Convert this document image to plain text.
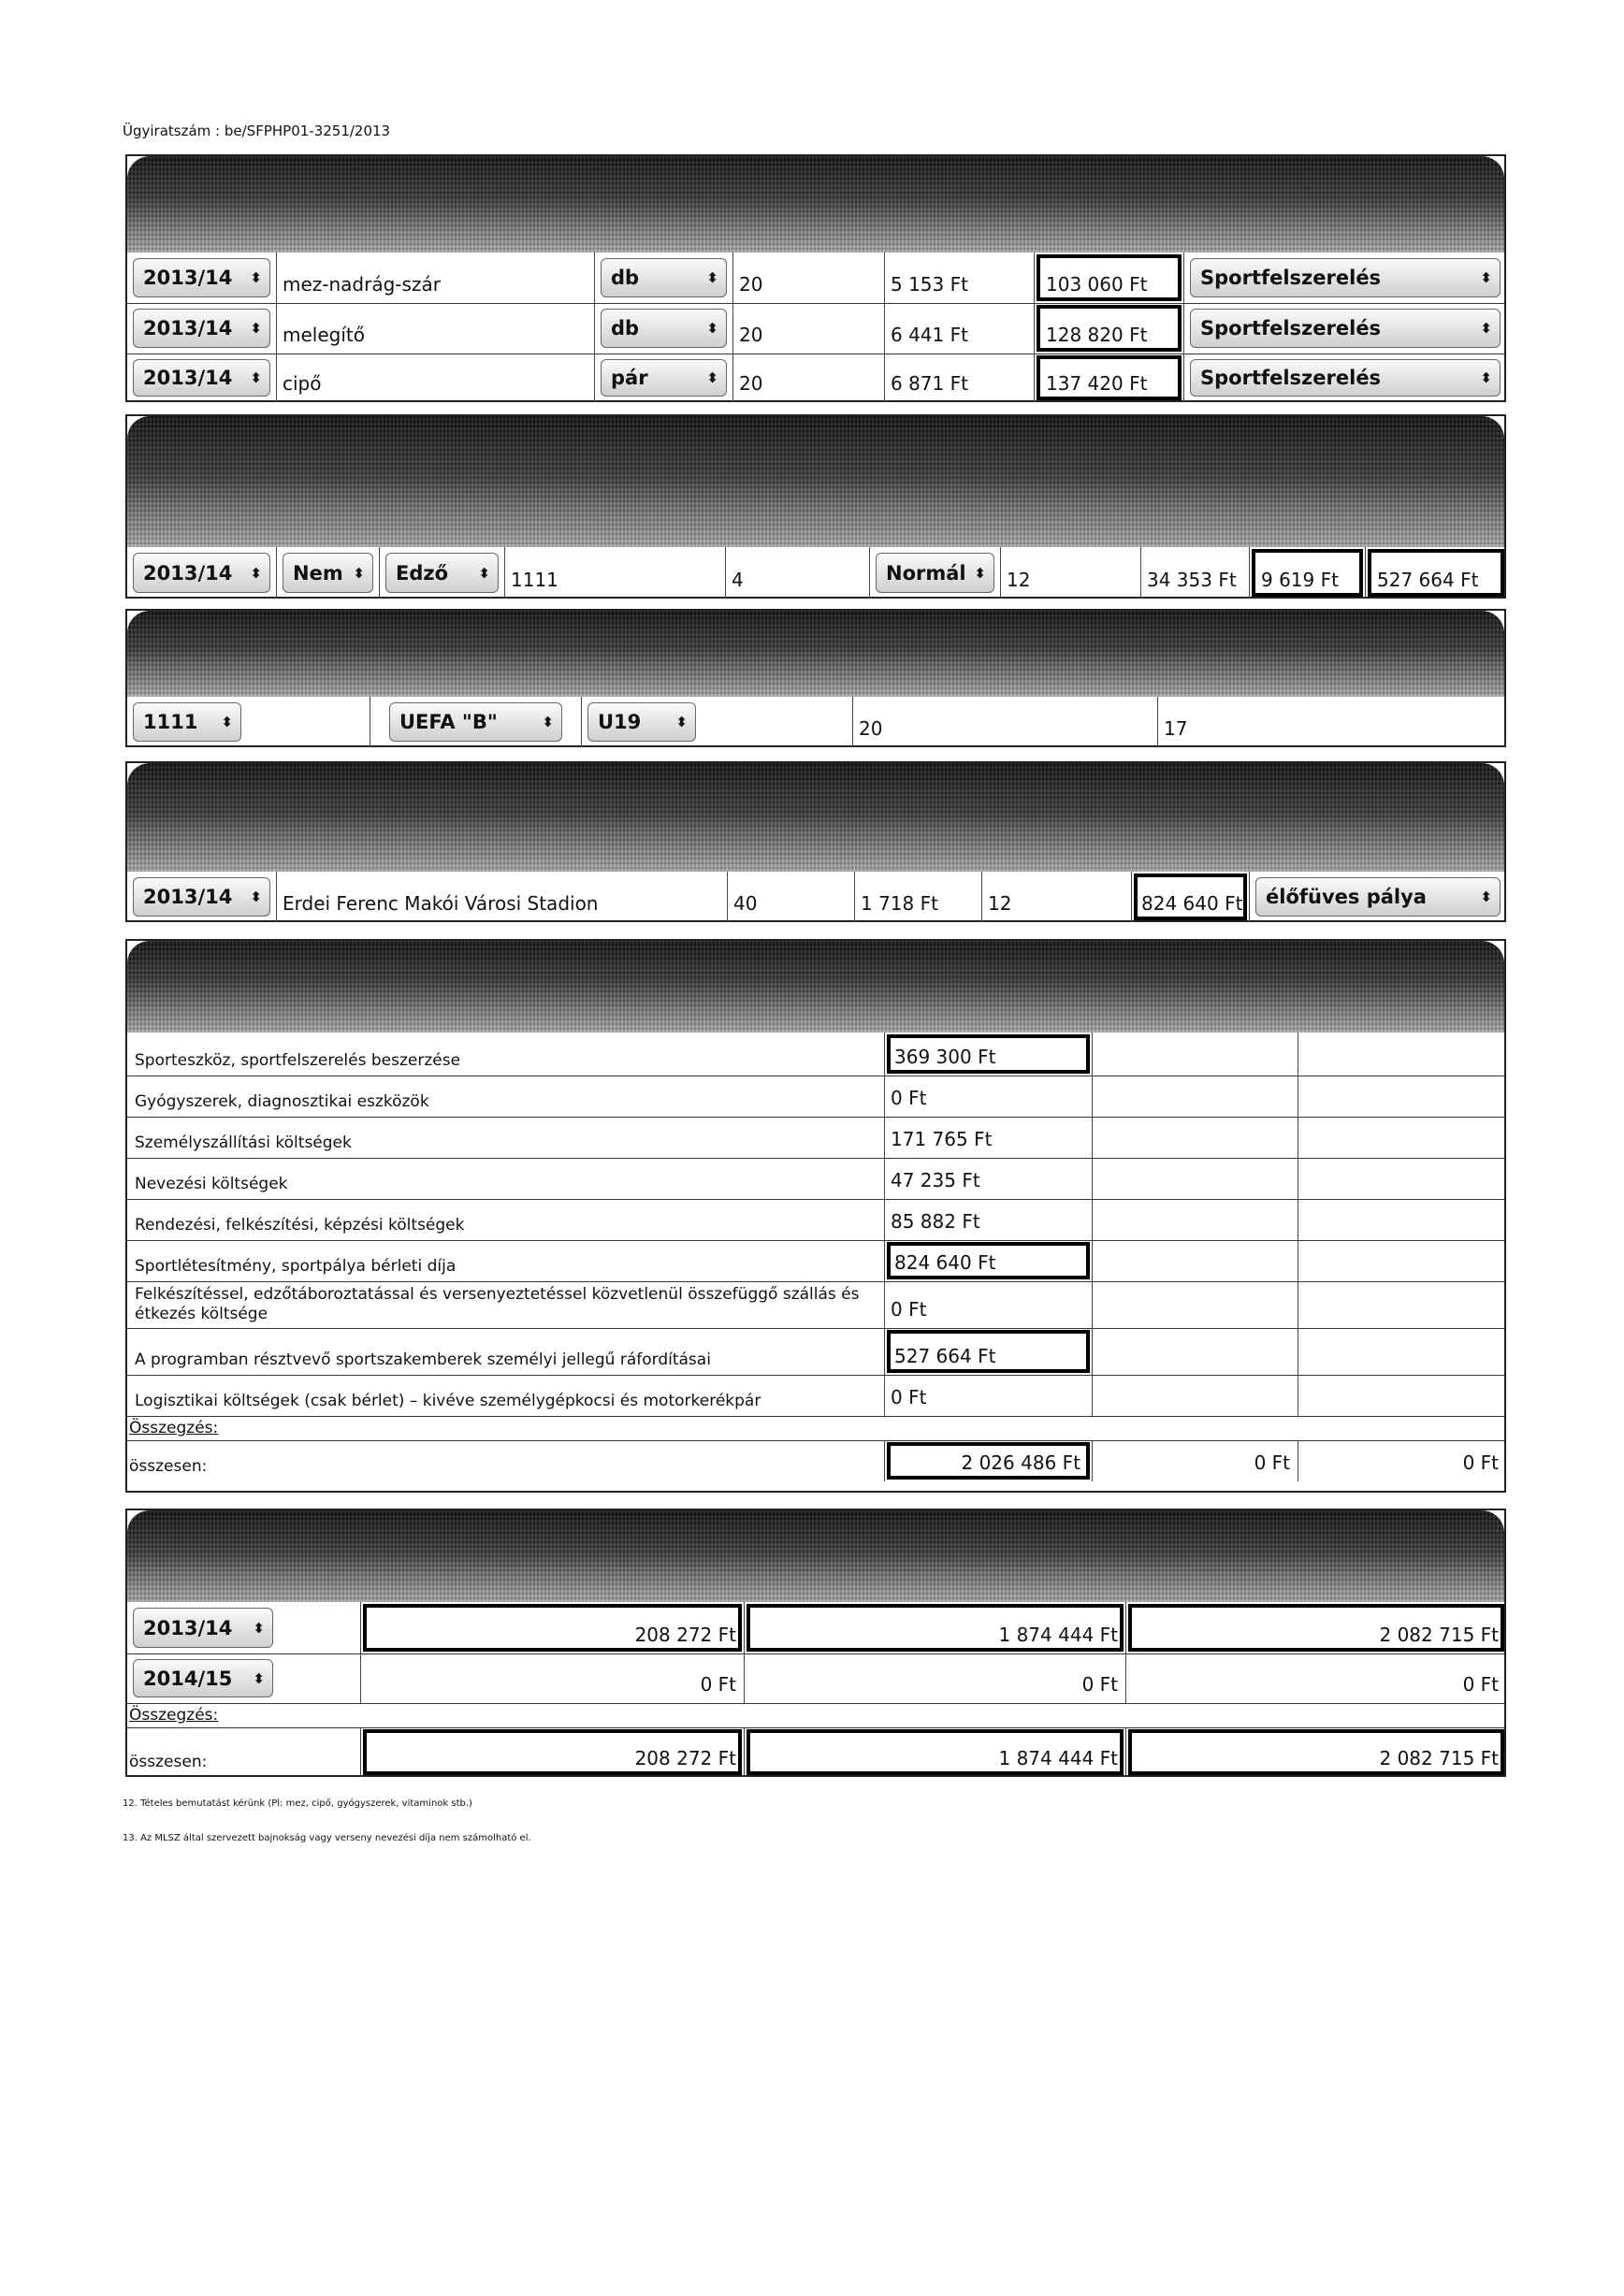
Ügyiratszám : be/SFPHP01-3251/2013
2013/14 ⬍ mez-nadrág-szár	db	⬍ 20	5 153 Ft	103 060 Ft	Sportfelszerelés	⬍
2013/14 ⬍ melegítő	db	⬍ 20	6 441 Ft	128 820 Ft	Sportfelszerelés	⬍
2013/14 ⬍ cipő	pár	⬍ 20	6 871 Ft	137 420 Ft	Sportfelszerelés	⬍
2013/14 ⬍ Nem ⬍ Edző ⬍ 1111	4	Normál ⬍ 12	34 353 Ft 9 619 Ft 527 664 Ft
1111 ⬍	UEFA "B"	⬍ U19 ⬍	20	17
2013/14 ⬍ Erdei Ferenc Makói Városi Stadion	40	1 718 Ft	12	824 640 Ft élőfüves pálya	⬍
Sporteszköz, sportfelszerelés beszerzése	369 300 Ft
Gyógyszerek, diagnosztikai eszközök	0 Ft
Személyszállítási költségek	171 765 Ft
Nevezési költségek	47 235 Ft
Rendezési, felkészítési, képzési költségek	85 882 Ft
Sportlétesítmény, sportpálya bérleti díja	824 640 Ft
Felkészítéssel, edzőtáboroztatással és versenyeztetéssel közvetlenül összefüggő szállás és étkezés költsége	0 Ft
A programban résztvevő sportszakemberek személyi jellegű ráfordításai	527 664 Ft
Logisztikai költségek (csak bérlet) – kivéve személygépkocsi és motorkerékpár	0 Ft
Összegzés:
összesen:	2 026 486 Ft	0 Ft	0 Ft
2013/14 ⬍	208 272 Ft	1 874 444 Ft	2 082 715 Ft
2014/15 ⬍	0 Ft	0 Ft	0 Ft
Összegzés:
összesen:	208 272 Ft	1 874 444 Ft	2 082 715 Ft
12. Tételes bemutatást kérünk (Pl: mez, cipő, gyógyszerek, vitaminok stb.)
13. Az MLSZ által szervezett bajnokság vagy verseny nevezési díja nem számolható el.
